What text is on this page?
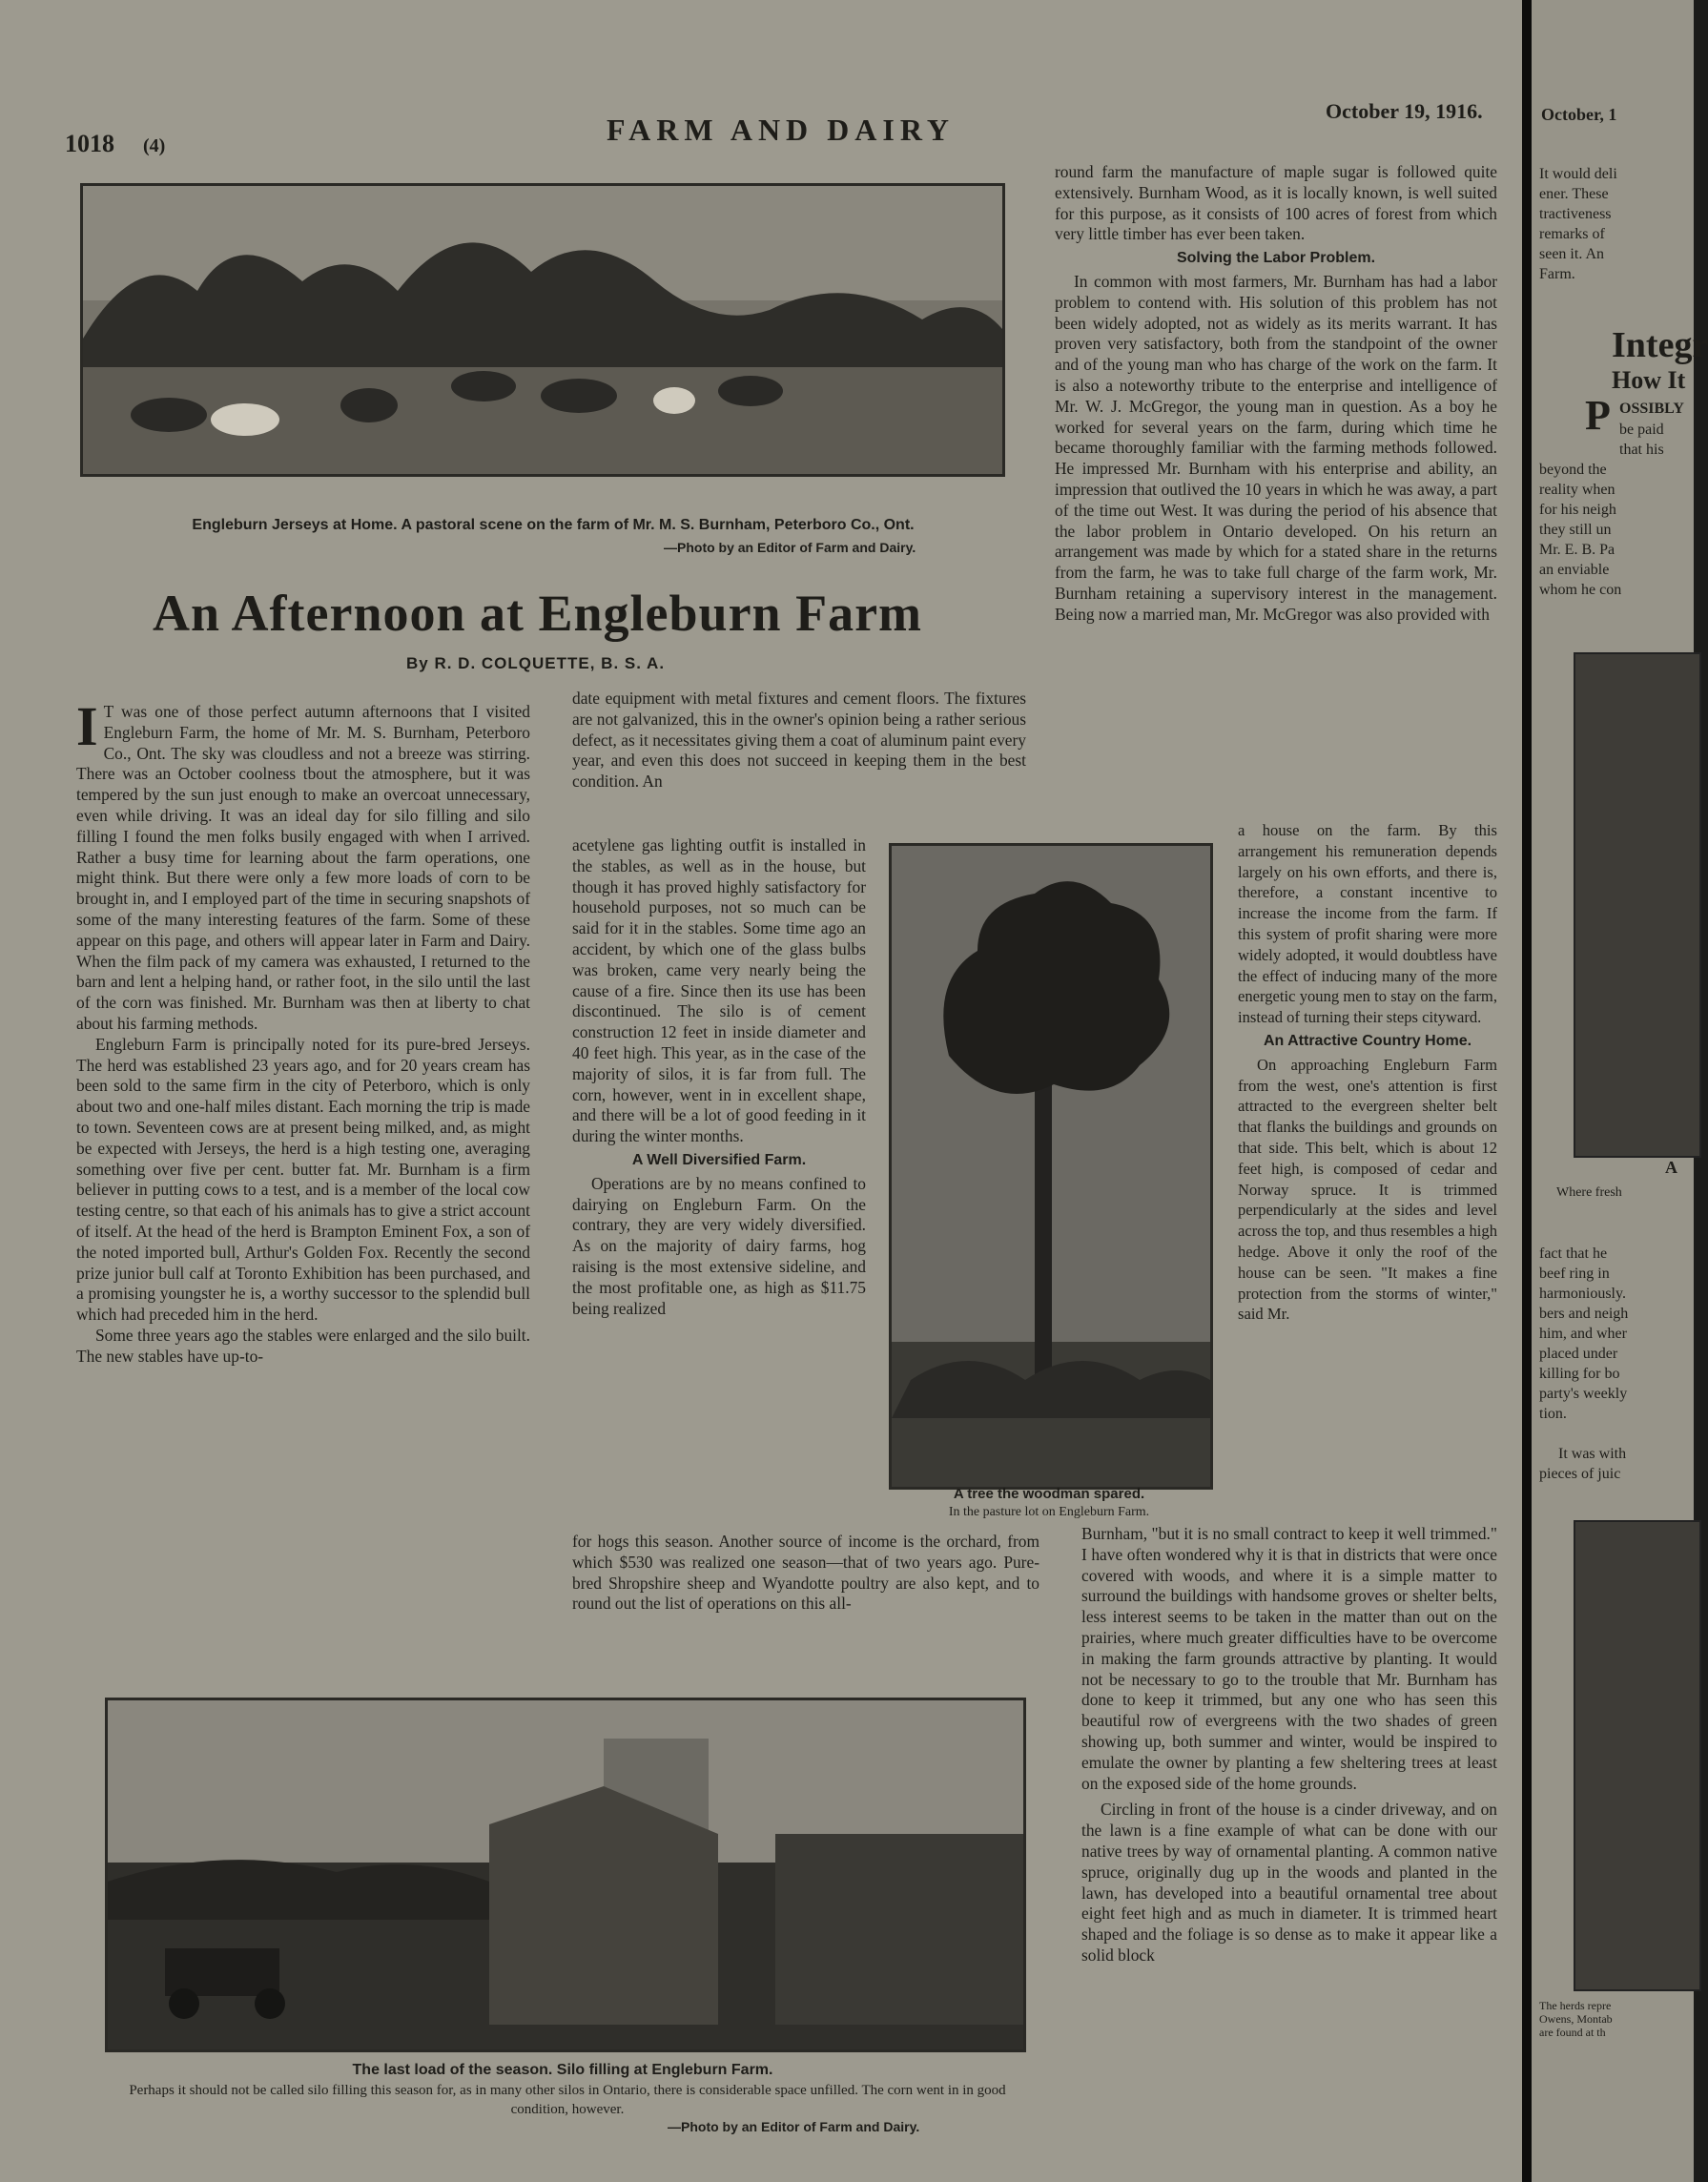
1018 (4)	FARM AND DAIRY
October 19, 1916.
Engleburn Jerseys at Home. A pastoral scene on the farm of Mr. M. S. Burnham, Peterboro Co., Ont.
—Photo by an Editor of Farm and Dairy.
An Afternoon at Engleburn Farm
By R. D. COLQUETTE, B. S. A.

I T was one of those perfect autumn afternoons that I visited Engleburn Farm, the home of Mr. M. S. Burnham, Peterboro Co., Ont. The sky was cloudless and not a breeze was stirring. There was an October coolness tbout the atmosphere, but it was tempered by the sun just enough to make an overcoat unnecessary, even while driving. It was an ideal day for silo filling and silo filling I found the men folks busily engaged with when I arrived. Rather a busy time for learning about the farm operations, one might think. But there were only a few more loads of corn to be brought in, and I employed part of the time in securing snapshots of some of the many interesting features of the farm. Some of these appear on this page, and others will appear later in Farm and Dairy. When the film pack of my camera was exhausted, I returned to the barn and lent a helping hand, or rather foot, in the silo until the last of the corn was finished. Mr. Burnham was then at liberty to chat about his farming methods.

Engleburn Farm is principally noted for its pure-bred Jerseys. The herd was established 23 years ago, and for 20 years cream has been sold to the same firm in the city of Peterboro, which is only about two and one-half miles distant. Each morning the trip is made to town. Seventeen cows are at present being milked, and, as might be expected with Jerseys, the herd is a high testing one, averaging something over five per cent. butter fat. Mr. Burnham is a firm believer in putting cows to a test, and is a member of the local cow testing centre, so that each of his animals has to give a strict account of itself. At the head of the herd is Brampton Eminent Fox, a son of the noted imported bull, Arthur's Golden Fox. Recently the second prize junior bull calf at Toronto Exhibition has been purchased, and a promising youngster he is, a worthy successor to the splendid bull which had preceded him in the herd.

Some three years ago the stables were enlarged and the silo built. The new stables have up-to-

date equipment with metal fixtures and cement floors. The fixtures are not galvanized, this in the owner's opinion being a rather serious defect, as it necessitates giving them a coat of aluminum paint every year, and even this does not succeed in keeping them in the best condition. An

acetylene gas lighting outfit is installed in the stables, as well as in the house, but though it has proved highly satisfactory for household purposes, not so much can be said for it in the stables. Some time ago an accident, by which one of the glass bulbs was broken, came very nearly being the cause of a fire. Since then its use has been discontinued. The silo is of cement construction 12 feet in inside diameter and 40 feet high. This year, as in the case of the majority of silos, it is far from full. The corn, however, went in in excellent shape, and there will be a lot of good feeding in it during the winter months.

A Well Diversified Farm.

Operations are by no means confined to dairying on Engleburn Farm. On the contrary, they are very widely diversified. As on the majority of dairy farms, hog raising is the most extensive sideline, and the most profitable one, as high as $11.75 being realized

for hogs this season. Another source of income is the orchard, from which $530 was realized one season—that of two years ago. Pure-bred Shropshire sheep and Wyandotte poultry are also kept, and to round out the list of operations on this all-
A tree the woodman spared.
In the pasture lot on Engleburn Farm.

round farm the manufacture of maple sugar is followed quite extensively. Burnham Wood, as it is locally known, is well suited for this purpose, as it consists of 100 acres of forest from which very little timber has ever been taken.

Solving the Labor Problem.

In common with most farmers, Mr. Burnham has had a labor problem to contend with. His solution of this problem has not been widely adopted, not as widely as its merits warrant. It has proven very satisfactory, both from the standpoint of the owner and of the young man who has charge of the work on the farm. It is also a noteworthy tribute to the enterprise and intelligence of Mr. W. J. McGregor, the young man in question. As a boy he worked for several years on the farm, during which time he became thoroughly familiar with the farming methods followed. He impressed Mr. Burnham with his enterprise and ability, an impression that outlived the 10 years in which he was away, a part of the time out West. It was during the period of his absence that the labor problem in Ontario developed. On his return an arrangement was made by which for a stated share in the returns from the farm, he was to take full charge of the farm work, Mr. Burnham retaining a supervisory interest in the management. Being now a married man, Mr. McGregor was also provided with

a house on the farm. By this arrangement his remuneration depends largely on his own efforts, and there is, therefore, a constant incentive to increase the income from the farm. If this system of profit sharing were more widely adopted, it would doubtless have the effect of inducing many of the more energetic young men to stay on the farm, instead of turning their steps cityward.

An Attractive Country Home.

On approaching Engleburn Farm from the west, one's attention is first attracted to the evergreen shelter belt that flanks the buildings and grounds on that side. This belt, which is about 12 feet high, is composed of cedar and Norway spruce. It is trimmed perpendicularly at the sides and level across the top, and thus resembles a high hedge. Above it only the roof of the house can be seen. "It makes a fine protection from the storms of winter," said Mr.

Burnham, "but it is no small contract to keep it well trimmed." I have often wondered why it is that in districts that were once covered with woods, and where it is a simple matter to surround the buildings with handsome groves or shelter belts, less interest seems to be taken in the matter than out on the prairies, where much greater difficulties have to be overcome in making the farm grounds attractive by planting. It would not be necessary to go to the trouble that Mr. Burnham has done to keep it trimmed, but any one who has seen this beautiful row of evergreens with the two shades of green showing up, both summer and winter, would be inspired to emulate the owner by planting a few sheltering trees at least on the exposed side of the home grounds.

Circling in front of the house is a cinder driveway, and on the lawn is a fine example of what can be done with our native trees by way of ornamental planting. A common native spruce, originally dug up in the woods and planted in the lawn, has developed into a beautiful ornamental tree about eight feet high and as much in diameter. It is trimmed heart shaped and the foliage is so dense as to make it appear like a solid block

The last load of the season. Silo filling at Engleburn Farm.
Perhaps it should not be called silo filling this season for, as in many other silos in Ontario, there is considerable space unfilled. The corn went in in good condition, however.
—Photo by an Editor of Farm and Dairy.
October, 1
It would deli
ener. These
tractiveness
remarks of
seen it. An
Farm.
Integr
How It
P OSSIBLY
be paid
that his
beyond the
reality when
for his neigh
they still un
Mr. E. B. Pa
an enviable
whom he con
A
Where fresh
fact that he
beef ring in
harmoniously.
bers and neigh
him, and wher
placed under
killing for bo
party's weekly
tion.
It was with
pieces of juic
The herds repre
Owens, Montab
are found at th
